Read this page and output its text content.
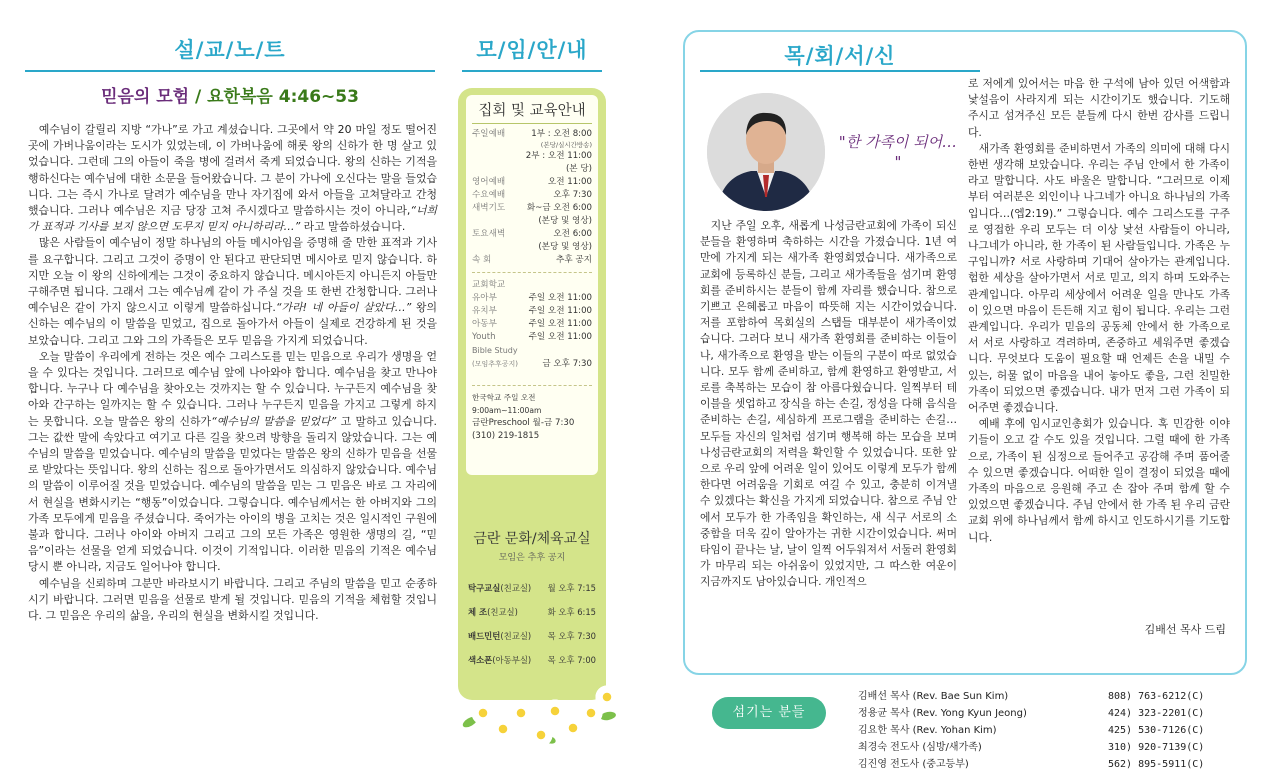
설/교/노/트
믿음의 모험 / 요한복음 4:46~53

예수님이 갈릴리 지방 “가나”로 가고 계셨습니다. 그곳에서 약 20 마일 정도 떨어진 곳에 가버나움이라는 도시가 있었는데, 이 가버나움에 해롯 왕의 신하가 한 명 살고 있었습니다. 그런데 그의 아들이 죽을 병에 걸려서 죽게 되었습니다. 왕의 신하는 기적을 행하신다는 예수님에 대한 소문을 들어왔습니다. 그 분이 가나에 오신다는 말을 들었습니다. 그는 즉시 가나로 달려가 예수님을 만나 자기집에 와서 아들을 고쳐달라고 간청했습니다. 그러나 예수님은 지금 당장 고쳐 주시겠다고 말씀하시는 것이 아니라,“너희가 표적과 기사를 보지 않으면 도무지 믿지 아니하리라…” 라고 말씀하셨습니다.

많은 사람들이 예수님이 정말 하나님의 아들 메시아임을 증명해 줄 만한 표적과 기사를 요구합니다. 그리고 그것이 증명이 안 된다고 판단되면 메시아로 믿지 않습니다. 하지만 오늘 이 왕의 신하에게는 그것이 중요하지 않습니다. 메시아든지 아니든지 아들만 구해주면 됩니다. 그래서 그는 예수님께 같이 가 주실 것을 또 한번 간청합니다. 그러나 예수님은 같이 가지 않으시고 이렇게 말씀하십니다.“가라! 네 아들이 살았다…” 왕의 신하는 예수님의 이 말씀을 믿었고, 집으로 돌아가서 아들이 실제로 건강하게 된 것을 보았습니다. 그리고 그와 그의 가족들은 모두 믿음을 가지게 되었습니다.

오늘 말씀이 우리에게 전하는 것은 예수 그리스도를 믿는 믿음으로 우리가 생명을 얻을 수 있다는 것입니다. 그러므로 예수님 앞에 나아와야 합니다. 예수님을 찾고 만나야 합니다. 누구나 다 예수님을 찾아오는 것까지는 할 수 있습니다. 누구든지 예수님을 찾아와 간구하는 일까지는 할 수 있습니다. 그러나 누구든지 믿음을 가지고 그렇게 하지는 못합니다. 오늘 말씀은 왕의 신하가“예수님의 말씀을 믿었다” 고 말하고 있습니다. 그는 값싼 말에 속았다고 여기고 다른 길을 찾으려 방향을 돌리지 않았습니다. 그는 예수님의 말씀을 믿었습니다. 예수님의 말씀을 믿었다는 말씀은 왕의 신하가 믿음을 선물로 받았다는 뜻입니다. 왕의 신하는 집으로 돌아가면서도 의심하지 않았습니다. 예수님의 말씀이 이루어질 것을 믿었습니다. 예수님의 말씀을 믿는 그 믿음은 바로 그 자리에서 현실을 변화시키는 “행동”이었습니다. 그렇습니다. 예수님께서는 한 아버지와 그의 가족 모두에게 믿음을 주셨습니다. 죽어가는 아이의 병을 고치는 것은 일시적인 구원에 불과 합니다. 그러나 아이와 아버지 그리고 그의 모든 가족은 영원한 생명의 길, “믿음”이라는 선물을 얻게 되었습니다. 이것이 기적입니다. 이러한 믿음의 기적은 예수님 당시 뿐 아니라, 지금도 일어나야 합니다.

예수님을 신뢰하며 그분만 바라보시기 바랍니다. 그리고 주님의 말씀을 믿고 순종하시기 바랍니다. 그러면 믿음을 선물로 받게 될 것입니다. 믿음의 기적을 체험할 것입니다. 그 믿음은 우리의 삶을, 우리의 현실을 변화시킬 것입니다.

모/임/안/내
집회 및 교육안내
주일예배	1부 : 오전 8:00
(본당/실시간방송)
2부 : 오전 11:00
(본 당)
영어예배	오전 11:00
수요예배	오후 7:30
새벽기도	화~금 오전 6:00
(본당 및 영상)
토요새벽	오전 6:00
(본당 및 영상)
속 회	추후 공지
교회학교
유아부	주일 오전 11:00
유치부	주일 오전 11:00
아동부	주일 오전 11:00
Youth	주일 오전 11:00
Bible Study
(모임추후공지)	금 오후 7:30
한국학교 주일 오전 9:00am~11:00am
금란Preschool 월-금 7:30
(310) 219-1815
금란 문화/체육교실
모임은 추후 공지
탁구교실(친교실) 월 오후 7:15
체 조(친교실)	화 오후 6:15
배드민턴(친교실) 목 오후 7:30
색소폰(아동부실) 목 오후 7:00
목/회/서/신
"한 가족이 되어… "

지난 주일 오후, 새롭게 나성금란교회에 가족이 되신 분들을 환영하며 축하하는 시간을 가졌습니다. 1년 여 만에 가지게 되는 새가족 환영회였습니다. 새가족으로 교회에 등록하신 분들, 그리고 새가족들을 섬기며 환영회를 준비하시는 분들이 함께 자리를 했습니다. 참으로 기쁘고 은혜롭고 마음이 따뜻해 지는 시간이었습니다. 저를 포함하여 목회실의 스탭들 대부분이 새가족이었습니다. 그러다 보니 새가족 환영회를 준비하는 이들이나, 새가족으로 환영을 받는 이들의 구분이 따로 없었습니다. 모두 함께 준비하고, 함께 환영하고 환영받고, 서로를 축복하는 모습이 참 아름다웠습니다. 일찍부터 테이블을 셋업하고 장식을 하는 손길, 정성을 다해 음식을 준비하는 손길, 세심하게 프로그램을 준비하는 손길… 모두들 자신의 일처럼 섬기며 행복해 하는 모습을 보며 나성금란교회의 저력을 확인할 수 있었습니다. 또한 앞으로 우리 앞에 어려운 일이 있어도 이렇게 모두가 함께 한다면 어려움을 기회로 여길 수 있고, 충분히 이겨낼 수 있겠다는 확신을 가지게 되었습니다. 참으로 주님 안에서 모두가 한 가족임을 확인하는, 새 식구 서로의 소중함을 더욱 깊이 알아가는 귀한 시간이었습니다. 써머타임이 끝나는 날, 날이 일찍 어두워져서 서둘러 환영회가 마무리 되는 아쉬움이 있었지만, 그 따스한 여운이 지금까지도 남아있습니다. 개인적으

로 저에게 있어서는 마음 한 구석에 남아 있던 어색함과 낯설음이 사라지게 되는 시간이기도 했습니다. 기도해 주시고 섬겨주신 모든 분들께 다시 한번 감사를 드립니다.

새가족 환영회를 준비하면서 가족의 의미에 대해 다시 한번 생각해 보았습니다. 우리는 주님 안에서 한 가족이라고 말합니다. 사도 바울은 말합니다. “그러므로 이제부터 여러분은 외인이나 나그네가 아니요 하나님의 가족입니다…(엡2:19).” 그렇습니다. 예수 그리스도를 구주로 영접한 우리 모두는 더 이상 낯선 사람들이 아니라, 나그네가 아니라, 한 가족이 된 사람들입니다. 가족은 누구입니까? 서로 사랑하며 기대어 살아가는 관계입니다. 험한 세상을 살아가면서 서로 믿고, 의지 하며 도와주는 관계입니다. 아무리 세상에서 어려운 일을 만나도 가족이 있으면 마음이 든든해 지고 힘이 됩니다. 우리는 그런 관계입니다. 우리가 믿음의 공동체 안에서 한 가족으로서 서로 사랑하고 격려하며, 존중하고 세워주면 좋겠습니다. 무엇보다 도움이 필요할 때 언제든 손을 내밀 수 있는, 허물 없이 마음을 내어 놓아도 좋을, 그런 친밀한 가족이 되었으면 좋겠습니다. 내가 먼저 그런 가족이 되어주면 좋겠습니다.

예배 후에 임시교인총회가 있습니다. 혹 민감한 이야기들이 오고 갈 수도 있을 것입니다. 그럴 때에 한 가족으로, 가족이 된 심정으로 들어주고 공감해 주며 품어줄 수 있으면 좋겠습니다. 어떠한 일이 결정이 되었을 때에 가족의 마음으로 응원해 주고 손 잡아 주며 함께 할 수 있었으면 좋겠습니다. 주님 안에서 한 가족 된 우리 금란교회 위에 하나님께서 함께 하시고 인도하시기를 기도합니다.

김배선 목사 드림
섬기는 분들
김배선 목사 (Rev. Bae Sun Kim)	808) 763-6212(C)
정용균 목사 (Rev. Yong Kyun Jeong)	424) 323-2201(C)
김요한 목사 (Rev. Yohan Kim)	425) 530-7126(C)
최경숙 전도사 (심방/새가족)	310) 920-7139(C)
김진영 전도사 (중고등부)	562) 895-5911(C)
